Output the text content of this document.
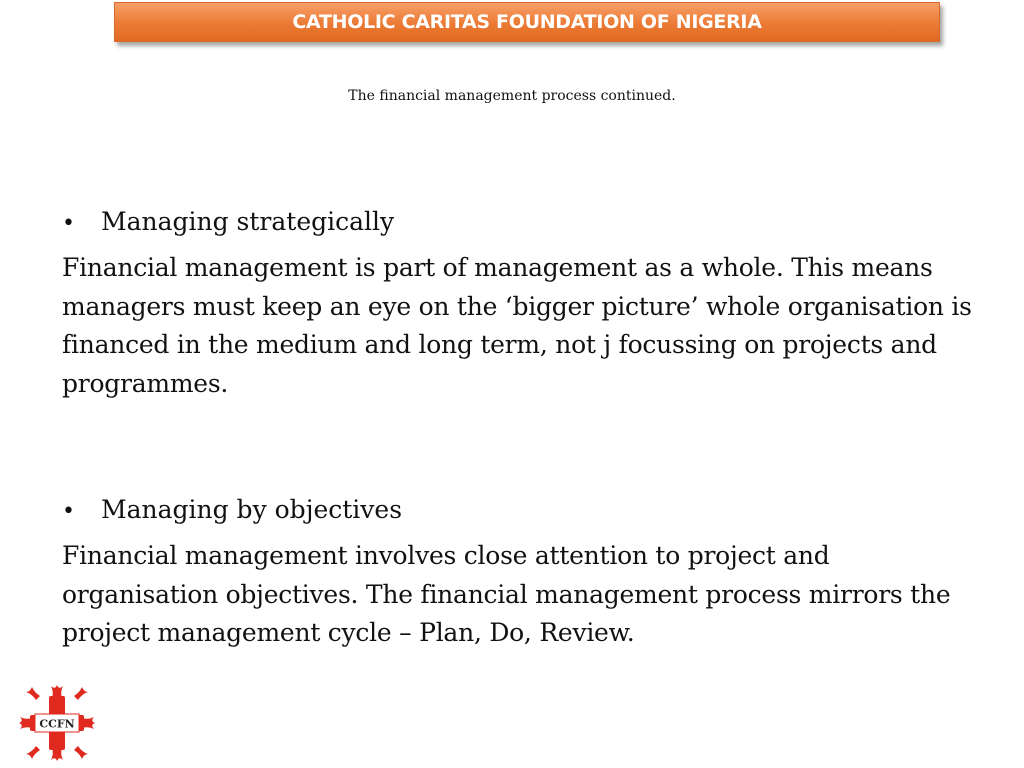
CATHOLIC CARITAS FOUNDATION OF NIGERIA
The financial management process continued.
•	Managing strategically
Financial management is part of management as a whole. This means managers must keep an eye on the ‘bigger picture’ whole organisation is financed in the medium and long term, not j focussing on projects and programmes.
•	Managing by objectives
Financial management involves close attention to project and organisation objectives. The financial management process mirrors the project management cycle – Plan, Do, Review.
CCFN
